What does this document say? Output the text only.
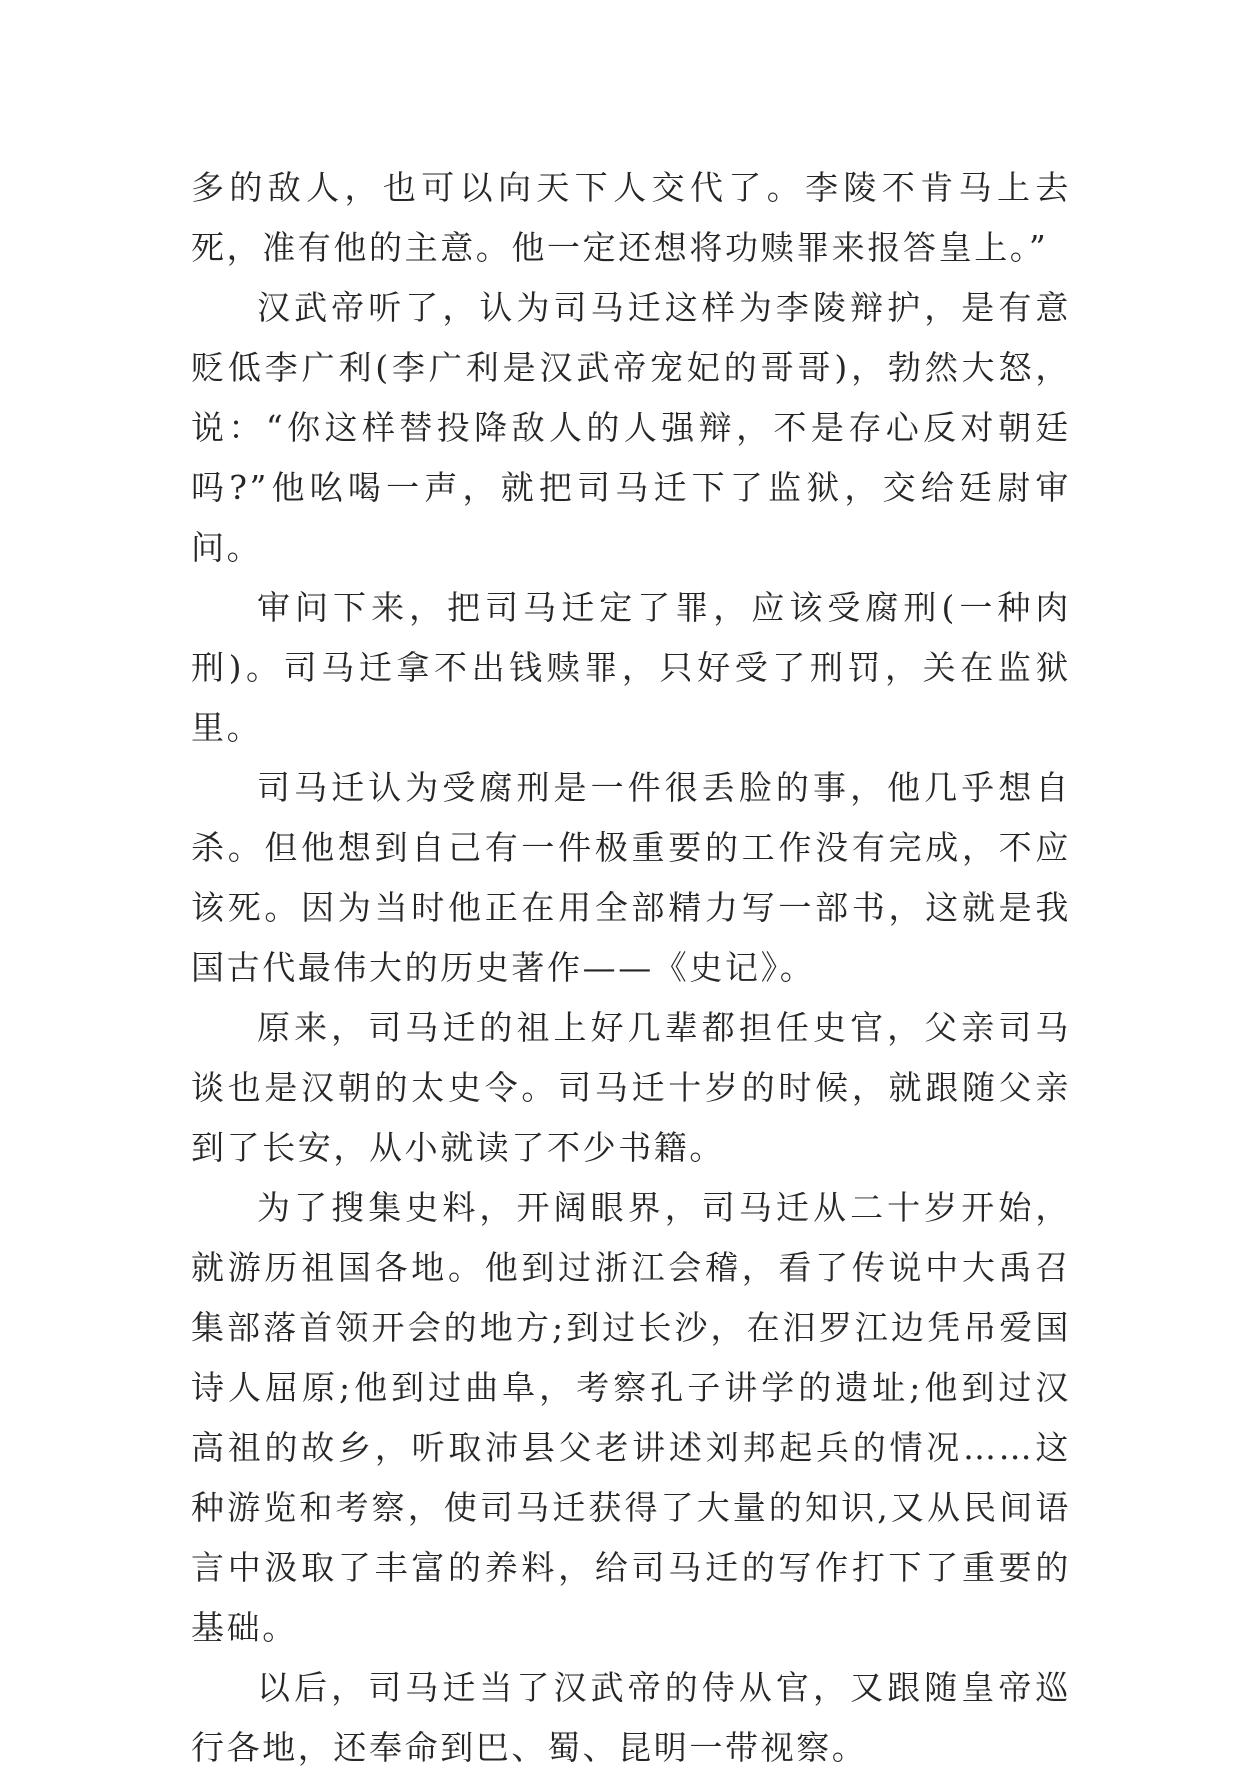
多的敌人，也可以向天下人交代了。李陵不肯马上去死，准有他的主意。他一定还想将功赎罪来报答皇上。”

汉武帝听了，认为司马迁这样为李陵辩护，是有意贬低李广利(李广利是汉武帝宠妃的哥哥)，勃然大怒，说：“你这样替投降敌人的人强辩，不是存心反对朝廷吗?”他吆喝一声，就把司马迁下了监狱，交给廷尉审问。

审问下来，把司马迁定了罪，应该受腐刑(一种肉刑)。司马迁拿不出钱赎罪，只好受了刑罚，关在监狱里。

司马迁认为受腐刑是一件很丢脸的事，他几乎想自杀。但他想到自己有一件极重要的工作没有完成，不应该死。因为当时他正在用全部精力写一部书，这就是我国古代最伟大的历史著作——《史记》。

原来，司马迁的祖上好几辈都担任史官，父亲司马谈也是汉朝的太史令。司马迁十岁的时候，就跟随父亲到了长安，从小就读了不少书籍。

为了搜集史料，开阔眼界，司马迁从二十岁开始，就游历祖国各地。他到过浙江会稽，看了传说中大禹召集部落首领开会的地方;到过长沙，在汨罗江边凭吊爱国诗人屈原;他到过曲阜，考察孔子讲学的遗址;他到过汉高祖的故乡，听取沛县父老讲述刘邦起兵的情况……这种游览和考察，使司马迁获得了大量的知识,又从民间语言中汲取了丰富的养料，给司马迁的写作打下了重要的基础。

以后，司马迁当了汉武帝的侍从官，又跟随皇帝巡行各地，还奉命到巴、蜀、昆明一带视察。
